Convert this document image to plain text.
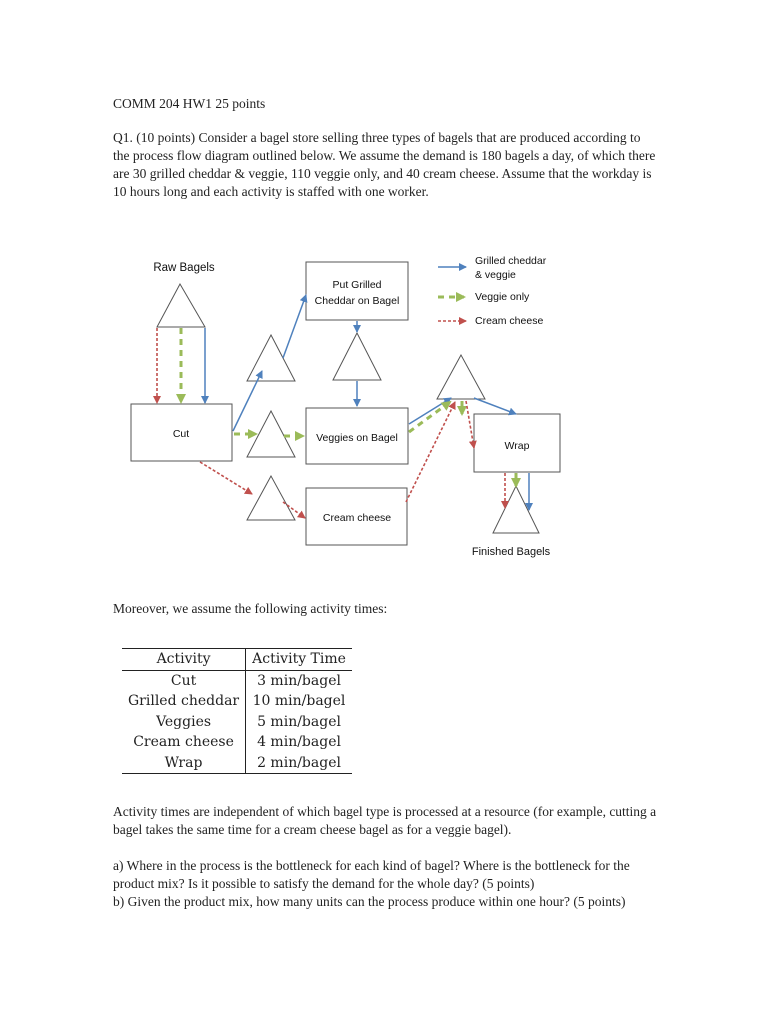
COMM 204 HW1 25 points
Q1. (10 points) Consider a bagel store selling three types of bagels that are produced according to the process flow diagram outlined below. We assume the demand is 180 bagels a day, of which there are 30 grilled cheddar & veggie, 110 veggie only, and 40 cream cheese. Assume that the workday is 10 hours long and each activity is staffed with one worker.
Grilled cheddar
& veggie
Veggie only
Cream cheese
Raw Bagels
Put Grilled
Cheddar on Bagel
Cut	Veggies on Bagel
Cream cheese
Wrap
Finished Bagels
Moreover, we assume the following activity times:
Activity	Activity Time
Cut	3 min/bagel
Grilled cheddar	10 min/bagel
Veggies	5 min/bagel
Cream cheese	4 min/bagel
Wrap	2 min/bagel
Activity times are independent of which bagel type is processed at a resource (for example, cutting a bagel takes the same time for a cream cheese bagel as for a veggie bagel).
a) Where in the process is the bottleneck for each kind of bagel? Where is the bottleneck for the product mix? Is it possible to satisfy the demand for the whole day? (5 points)
b) Given the product mix, how many units can the process produce within one hour? (5 points)
